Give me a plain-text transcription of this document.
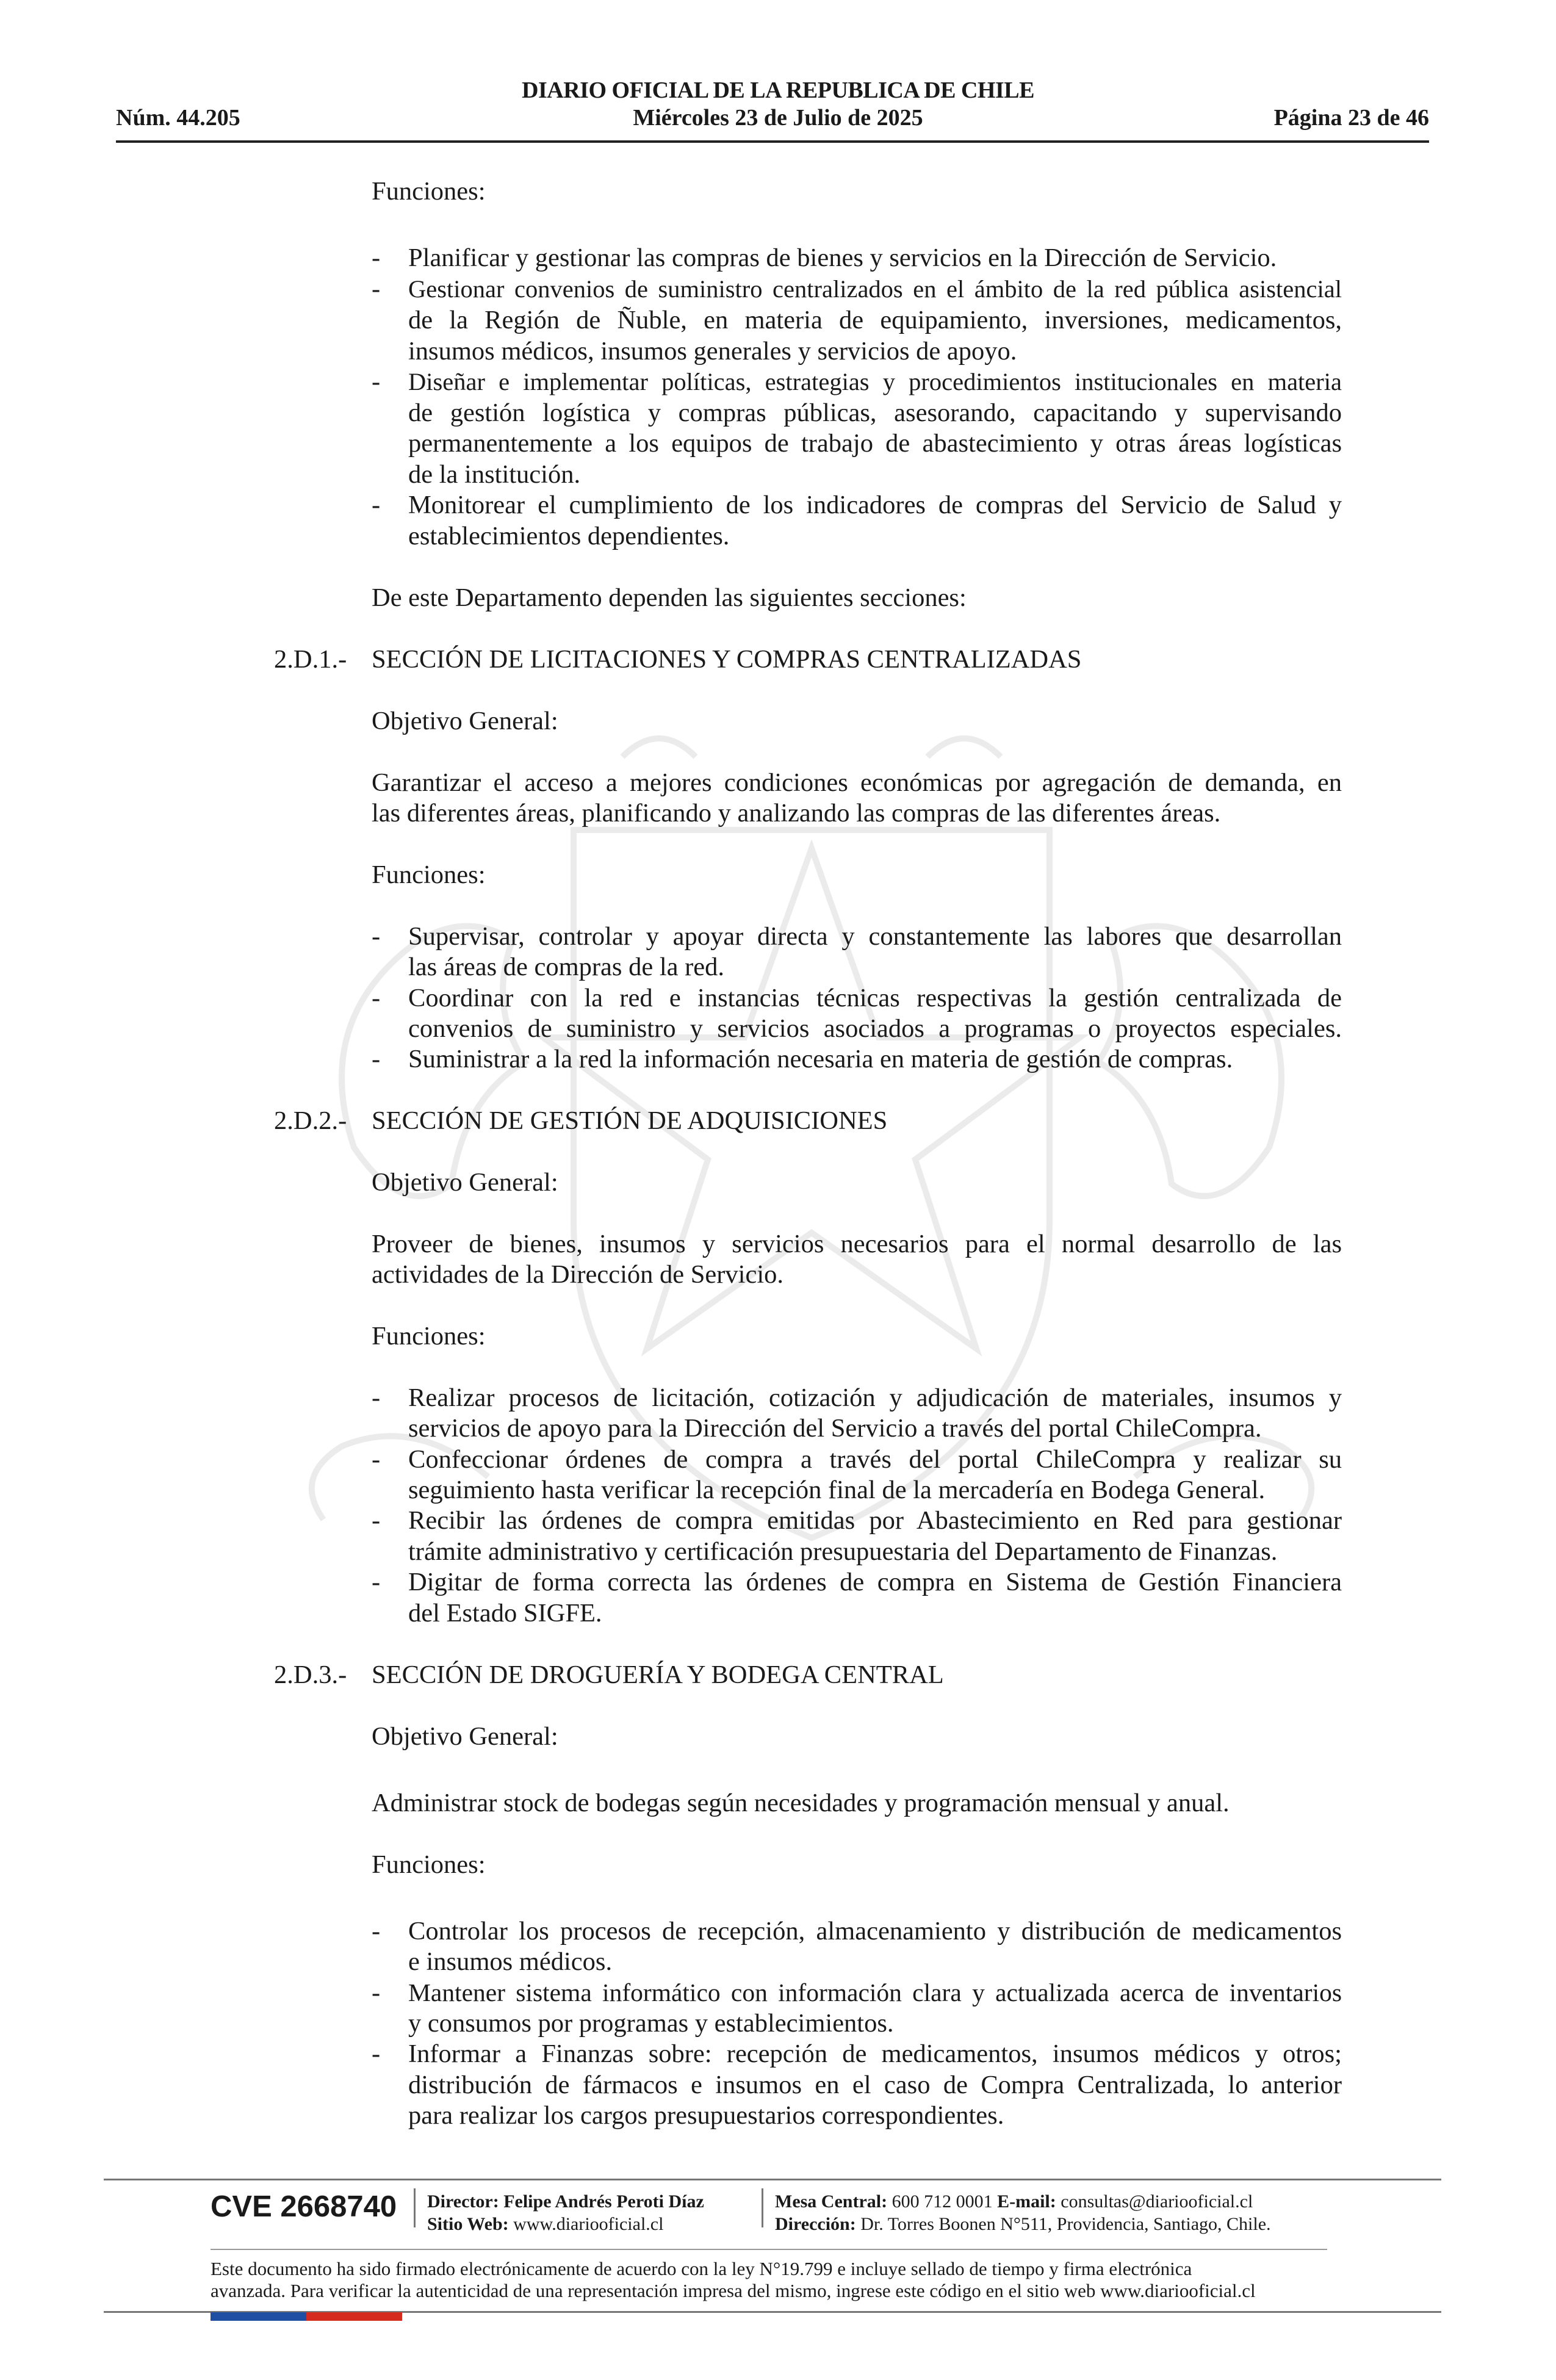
DIARIO OFICIAL DE LA REPUBLICA DE CHILE
Miércoles 23 de Julio de 2025
Núm. 44.205	Página 23 de 46
Funciones:
- Planificar y gestionar las compras de bienes y servicios en la Dirección de Servicio.
- Gestionar convenios de suministro centralizados en el ámbito de la red pública asistencial
de la Región de Ñuble, en materia de equipamiento, inversiones, medicamentos,
insumos médicos, insumos generales y servicios de apoyo.
- Diseñar e implementar políticas, estrategias y procedimientos institucionales en materia
de gestión logística y compras públicas, asesorando, capacitando y supervisando
permanentemente a los equipos de trabajo de abastecimiento y otras áreas logísticas
de la institución.
- Monitorear el cumplimiento de los indicadores de compras del Servicio de Salud y
establecimientos dependientes.
De este Departamento dependen las siguientes secciones:
2.D.1.- SECCIÓN DE LICITACIONES Y COMPRAS CENTRALIZADAS
Objetivo General:
Garantizar el acceso a mejores condiciones económicas por agregación de demanda, en
las diferentes áreas, planificando y analizando las compras de las diferentes áreas.
Funciones:
- Supervisar, controlar y apoyar directa y constantemente las labores que desarrollan
las áreas de compras de la red.
- Coordinar con la red e instancias técnicas respectivas la gestión centralizada de
convenios de suministro y servicios asociados a programas o proyectos especiales.
- Suministrar a la red la información necesaria en materia de gestión de compras.
2.D.2.- SECCIÓN DE GESTIÓN DE ADQUISICIONES
Objetivo General:
Proveer de bienes, insumos y servicios necesarios para el normal desarrollo de las
actividades de la Dirección de Servicio.
Funciones:
- Realizar procesos de licitación, cotización y adjudicación de materiales, insumos y
servicios de apoyo para la Dirección del Servicio a través del portal ChileCompra.
- Confeccionar órdenes de compra a través del portal ChileCompra y realizar su
seguimiento hasta verificar la recepción final de la mercadería en Bodega General.
- Recibir las órdenes de compra emitidas por Abastecimiento en Red para gestionar
trámite administrativo y certificación presupuestaria del Departamento de Finanzas.
- Digitar de forma correcta las órdenes de compra en Sistema de Gestión Financiera
del Estado SIGFE.
2.D.3.- SECCIÓN DE DROGUERÍA Y BODEGA CENTRAL
Objetivo General:
Administrar stock de bodegas según necesidades y programación mensual y anual.
Funciones:
- Controlar los procesos de recepción, almacenamiento y distribución de medicamentos
e insumos médicos.
- Mantener sistema informático con información clara y actualizada acerca de inventarios
y consumos por programas y establecimientos.
- Informar a Finanzas sobre: recepción de medicamentos, insumos médicos y otros;
distribución de fármacos e insumos en el caso de Compra Centralizada, lo anterior
para realizar los cargos presupuestarios correspondientes.
CVE 2668740 Director: Felipe Andrés Peroti Díaz
Sitio Web: www.diariooficial.cl
Mesa Central: 600 712 0001 E-mail: consultas@diariooficial.cl
Dirección: Dr. Torres Boonen N°511, Providencia, Santiago, Chile.
Este documento ha sido firmado electrónicamente de acuerdo con la ley N°19.799 e incluye sellado de tiempo y firma electrónica
avanzada. Para verificar la autenticidad de una representación impresa del mismo, ingrese este código en el sitio web www.diariooficial.cl
